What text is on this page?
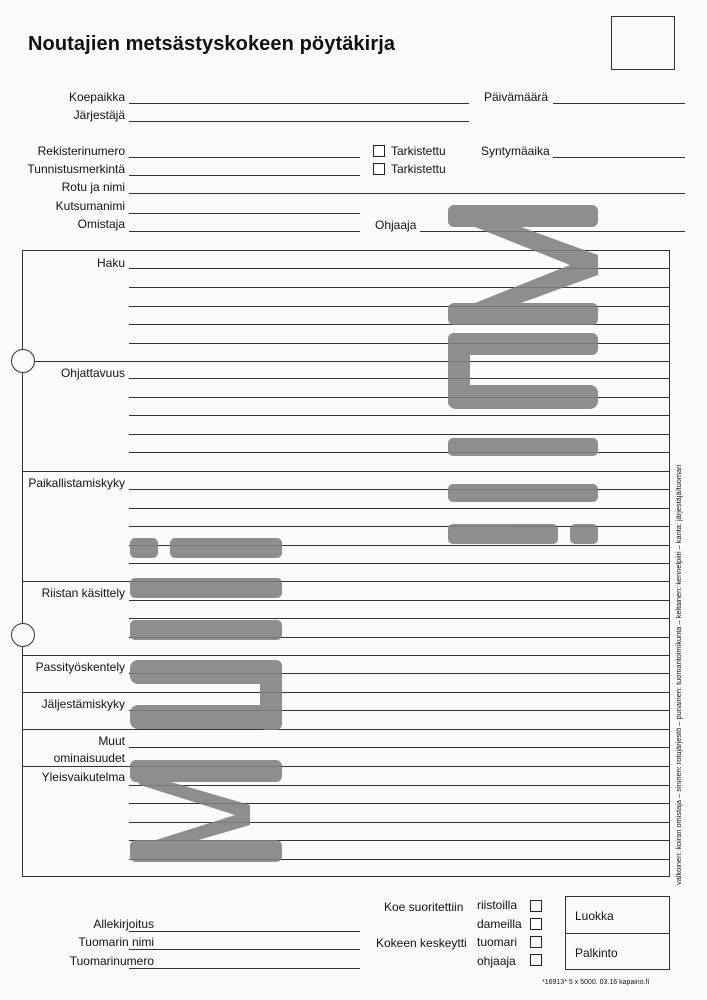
Noutajien metsästyskokeen pöytäkirja
Koepaikka	Päivämäärä
Järjestäjä
Rekisterinumero	Tarkistettu	Syntymäaika
Tunnistusmerkintä	Tarkistettu
Rotu ja nimi
Kutsumanimi
Omistaja	Ohjaaja
Haku
Ohjattavuus
Paikallistamiskyky
Riistan käsittely
Passityöskentely
Jäljestämiskyky
Muut
ominaisuudet
Yleisvaikutelma	valkoinen: koiran omistaja – sininen: rotujärjestö – punainen: tuomaritoimikunta – keltainen: kennelpiiri – kanta: järjestäjä/tuomari
Allekirjoitus
Tuomarin nimi
Tuomarinumero
Koe suoritettiin
Kokeen keskeytti
riistoilla
dameilla
tuomari
ohjaaja
Luokka
Palkinto
*16913* 5 x 5000. 03.16 kapaino.fi
